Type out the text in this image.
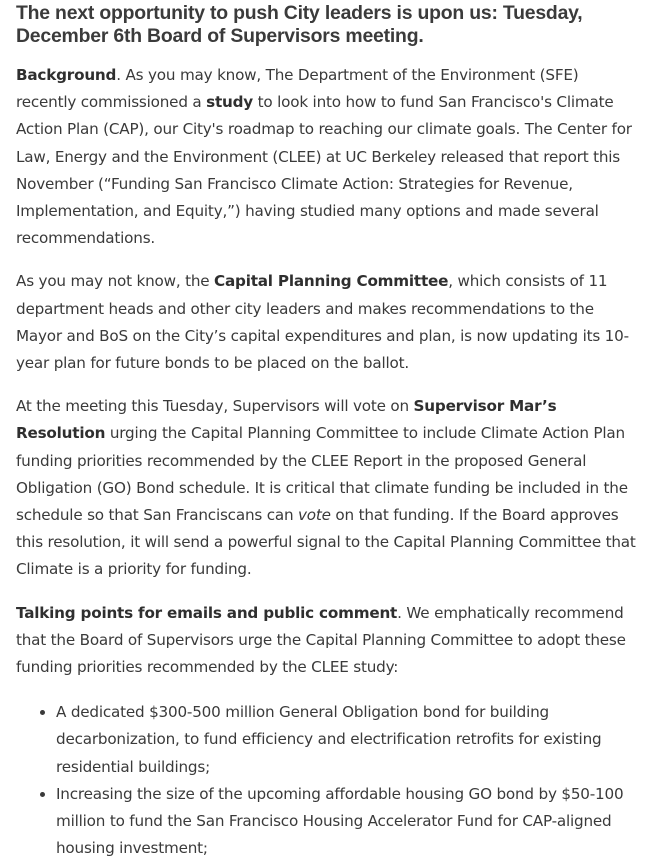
The next opportunity to push City leaders is upon us: Tuesday, December 6th Board of Supervisors meeting.

Background. As you may know, The Department of the Environment (SFE) recently commissioned a study to look into how to fund San Francisco's Climate Action Plan (CAP), our City's roadmap to reaching our climate goals. The Center for Law, Energy and the Environment (CLEE) at UC Berkeley released that report this November (“Funding San Francisco Climate Action: Strategies for Revenue, Implementation, and Equity,”) having studied many options and made several recommendations.

As you may not know, the Capital Planning Committee, which consists of 11 department heads and other city leaders and makes recommendations to the Mayor and BoS on the City’s capital expenditures and plan, is now updating its 10-year plan for future bonds to be placed on the ballot.

At the meeting this Tuesday, Supervisors will vote on Supervisor Mar’s Resolution urging the Capital Planning Committee to include Climate Action Plan funding priorities recommended by the CLEE Report in the proposed General Obligation (GO) Bond schedule. It is critical that climate funding be included in the schedule so that San Franciscans can vote on that funding. If the Board approves this resolution, it will send a powerful signal to the Capital Planning Committee that Climate is a priority for funding.

Talking points for emails and public comment. We emphatically recommend that the Board of Supervisors urge the Capital Planning Committee to adopt these funding priorities recommended by the CLEE study:

• A dedicated $300-500 million General Obligation bond for building decarbonization, to fund efficiency and electrification retrofits for existing residential buildings;
• Increasing the size of the upcoming affordable housing GO bond by $50-100 million to fund the San Francisco Housing Accelerator Fund for CAP-aligned housing investment;
